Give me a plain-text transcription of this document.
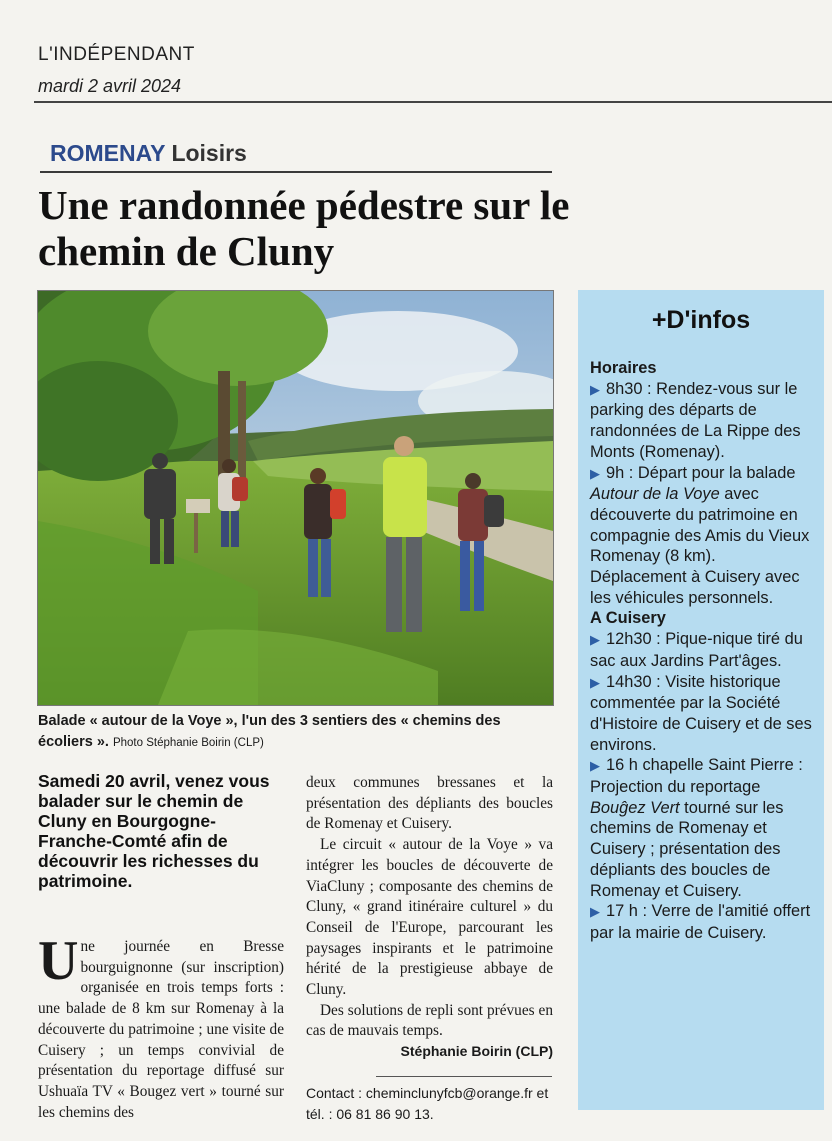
L'INDÉPENDANT
mardi 2 avril 2024
ROMENAY Loisirs
Une randonnée pédestre sur le chemin de Cluny
Balade « autour de la Voye », l'un des 3 sentiers des « chemins des écoliers ». Photo Stéphanie Boirin (CLP)
Samedi 20 avril, venez vous balader sur le chemin de Cluny en Bourgogne-Franche-Comté afin de découvrir les richesses du patrimoine.
Une journée en Bresse bourguignonne (sur inscription) organisée en trois temps forts : une balade de 8 km sur Romenay à la découverte du patrimoine ; une visite de Cuisery ; un temps convivial de présentation du reportage diffusé sur Ushuaïa TV « Bougez vert » tourné sur les chemins des

deux communes bressanes et la présentation des dépliants des boucles de Romenay et Cuisery.

Le circuit « autour de la Voye » va intégrer les boucles de découverte de ViaCluny ; composante des chemins de Cluny, « grand itinéraire culturel » du Conseil de l'Europe, parcourant les paysages inspirants et le patrimoine hérité de la prestigieuse abbaye de Cluny.

Des solutions de repli sont prévues en cas de mauvais temps.

Stéphanie Boirin (CLP)
Contact : cheminclunyfcb@orange.fr et tél. : 06 81 86 90 13.
+D'infos
Horaires
▶ 8h30 : Rendez-vous sur le parking des départs de randonnées de La Rippe des Monts (Romenay).
▶ 9h : Départ pour la balade Autour de la Voye avec découverte du patrimoine en compagnie des Amis du Vieux Romenay (8 km). Déplacement à Cuisery avec les véhicules personnels.
A Cuisery
▶ 12h30 : Pique-nique tiré du sac aux Jardins Part'âges.
▶ 14h30 : Visite historique commentée par la Société d'Histoire de Cuisery et de ses environs.
▶ 16 h chapelle Saint Pierre : Projection du reportage Bouĝez Vert tourné sur les chemins de Romenay et Cuisery ; présentation des dépliants des boucles de Romenay et Cuisery.
▶ 17 h : Verre de l'amitié offert par la mairie de Cuisery.
